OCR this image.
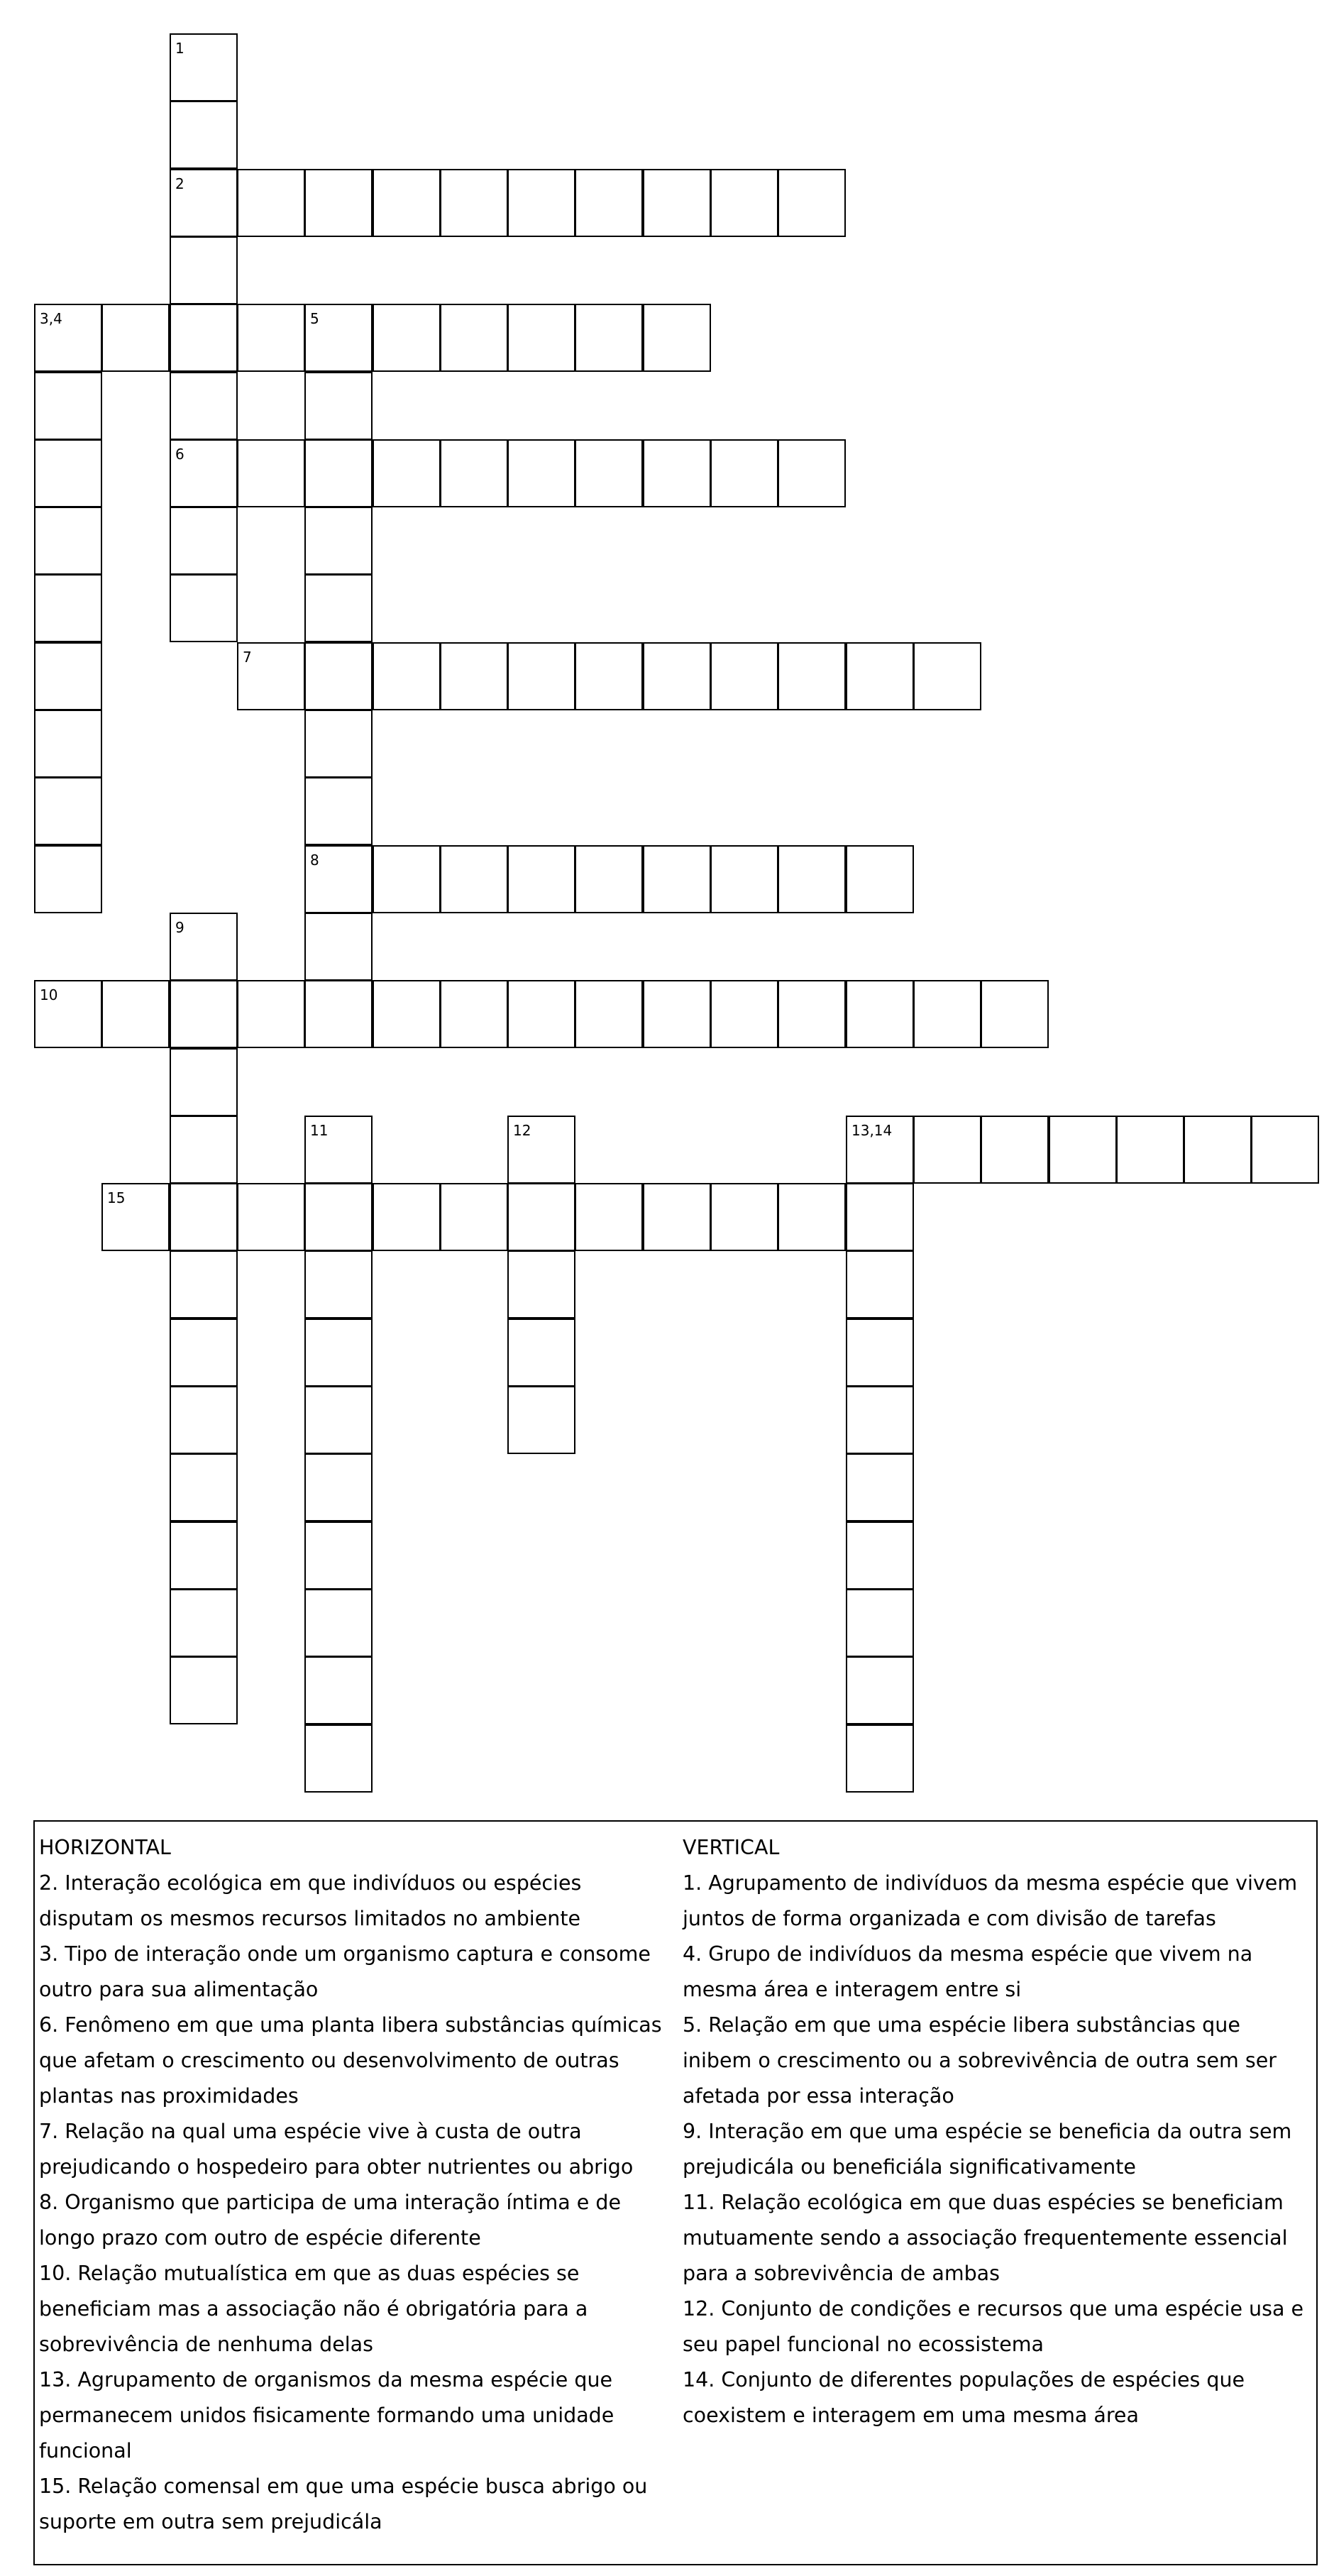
1
2
6
3,4	5
8
7
9
10
11	12	13,14
15
HORIZONTAL
2. Interação ecológica em que indivíduos ou espécies disputam os mesmos recursos limitados no ambiente
3. Tipo de interação onde um organismo captura e consome outro para sua alimentação
6. Fenômeno em que uma planta libera substâncias químicas que afetam o crescimento ou desenvolvimento de outras plantas nas proximidades
7. Relação na qual uma espécie vive à custa de outra prejudicando o hospedeiro para obter nutrientes ou abrigo
8. Organismo que participa de uma interação íntima e de longo prazo com outro de espécie diferente
10. Relação mutualística em que as duas espécies se beneficiam mas a associação não é obrigatória para a sobrevivência de nenhuma delas
13. Agrupamento de organismos da mesma espécie que permanecem unidos fisicamente formando uma unidade funcional
15. Relação comensal em que uma espécie busca abrigo ou suporte em outra sem prejudicála
VERTICAL
1. Agrupamento de indivíduos da mesma espécie que vivem juntos de forma organizada e com divisão de tarefas
4. Grupo de indivíduos da mesma espécie que vivem na mesma área e interagem entre si
5. Relação em que uma espécie libera substâncias que inibem o crescimento ou a sobrevivência de outra sem ser afetada por essa interação
9. Interação em que uma espécie se beneficia da outra sem prejudicála ou beneficiála significativamente
11. Relação ecológica em que duas espécies se beneficiam mutuamente sendo a associação frequentemente essencial para a sobrevivência de ambas
12. Conjunto de condições e recursos que uma espécie usa e seu papel funcional no ecossistema
14. Conjunto de diferentes populações de espécies que coexistem e interagem em uma mesma área
